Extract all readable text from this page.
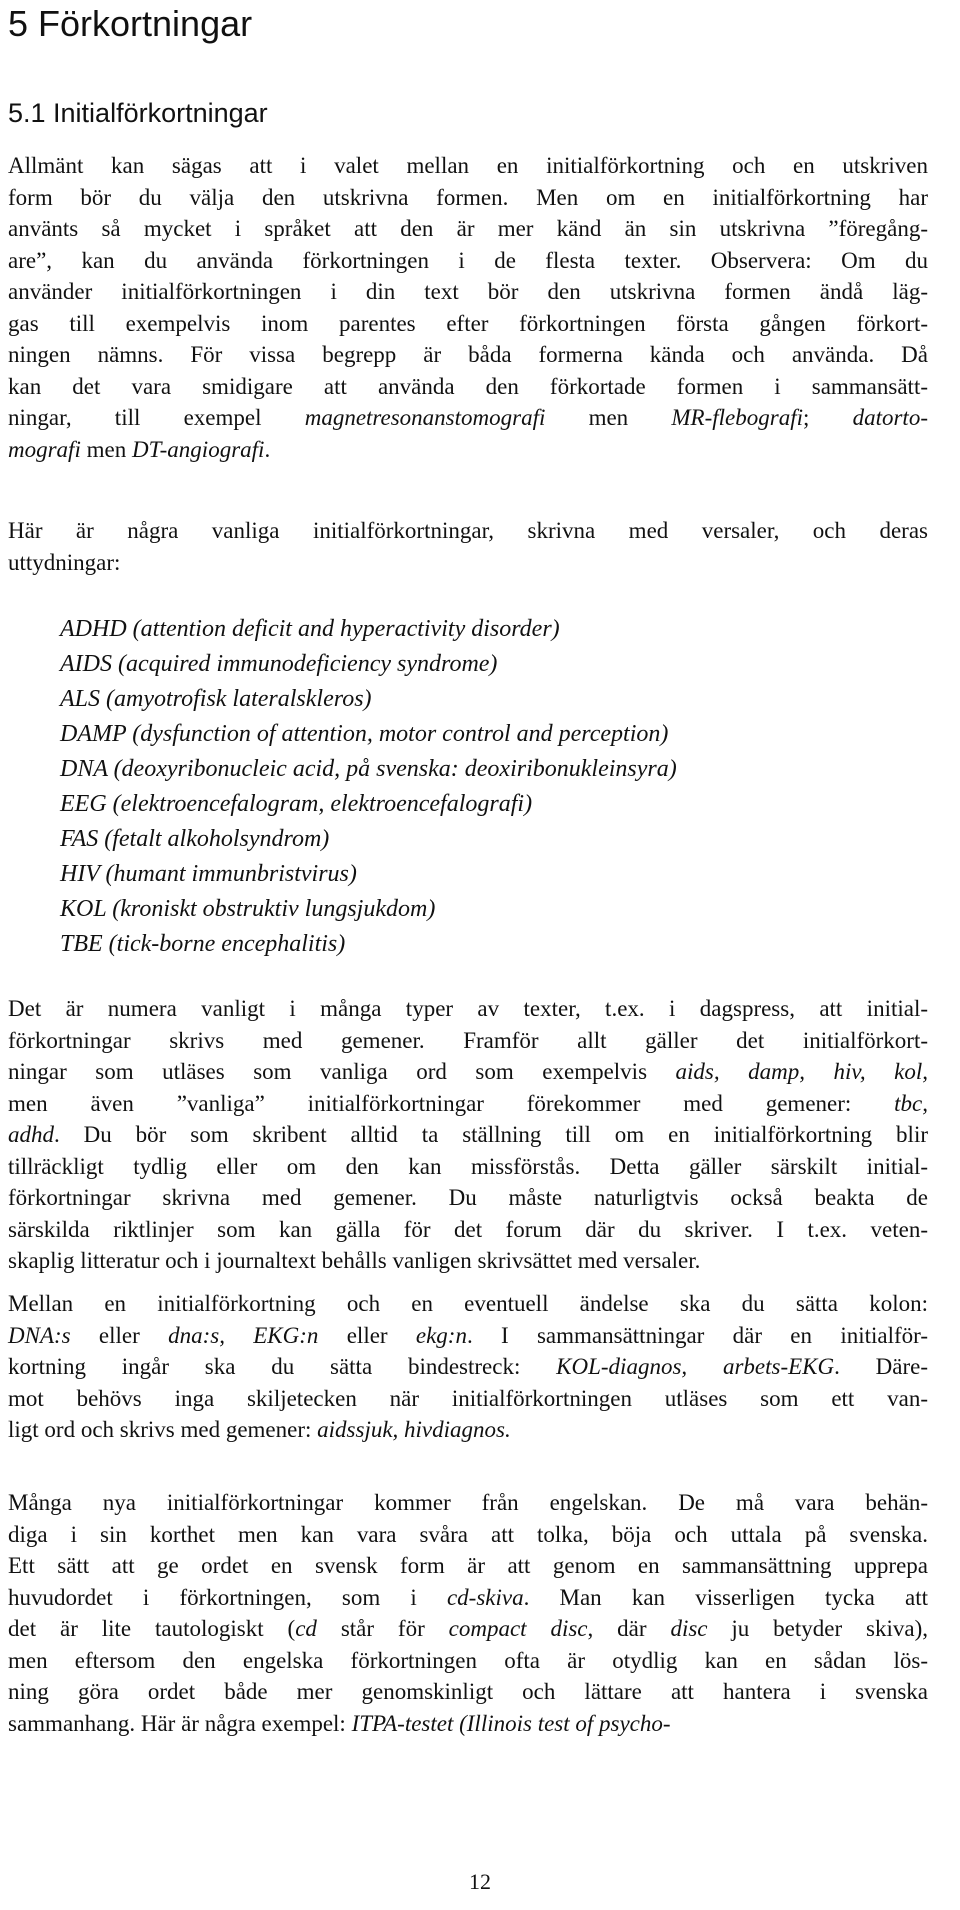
5 Förkortningar
5.1 Initialförkortningar

Allmänt kan sägas att i valet mellan en initialförkortning och en utskriven
form bör du välja den utskrivna formen. Men om en initialförkortning har
använts så mycket i språket att den är mer känd än sin utskrivna ”föregång-
are”, kan du använda förkortningen i de flesta texter. Observera: Om du
använder initialförkortningen i din text bör den utskrivna formen ändå läg-
gas till exempelvis inom parentes efter förkortningen första gången förkort-
ningen nämns. För vissa begrepp är båda formerna kända och använda. Då
kan det vara smidigare att använda den förkortade formen i sammansätt-
ningar, till exempel magnetresonanstomografi men MR-flebografi; datorto-
mografi men DT-angiografi.

Här är några vanliga initialförkortningar, skrivna med versaler, och deras
uttydningar:

ADHD (attention deficit and hyperactivity disorder)
AIDS (acquired immunodeficiency syndrome)
ALS (amyotrofisk lateralskleros)
DAMP (dysfunction of attention, motor control and perception)
DNA (deoxyribonucleic acid, på svenska: deoxiribonukleinsyra)
EEG (elektroencefalogram, elektroencefalografi)
FAS (fetalt alkoholsyndrom)
HIV (humant immunbristvirus)
KOL (kroniskt obstruktiv lungsjukdom)
TBE (tick-borne encephalitis)

Det är numera vanligt i många typer av texter, t.ex. i dagspress, att initial-
förkortningar skrivs med gemener. Framför allt gäller det initialförkort-
ningar som utläses som vanliga ord som exempelvis aids, damp, hiv, kol,
men även ”vanliga” initialförkortningar förekommer med gemener: tbc,
adhd. Du bör som skribent alltid ta ställning till om en initialförkortning blir
tillräckligt tydlig eller om den kan missförstås. Detta gäller särskilt initial-
förkortningar skrivna med gemener. Du måste naturligtvis också beakta de
särskilda riktlinjer som kan gälla för det forum där du skriver. I t.ex. veten-
skaplig litteratur och i journaltext behålls vanligen skrivsättet med versaler.

Mellan en initialförkortning och en eventuell ändelse ska du sätta kolon:
DNA:s eller dna:s, EKG:n eller ekg:n. I sammansättningar där en initialför-
kortning ingår ska du sätta bindestreck: KOL-diagnos, arbets-EKG. Däre-
mot behövs inga skiljetecken när initialförkortningen utläses som ett van-
ligt ord och skrivs med gemener: aidssjuk, hivdiagnos.

Många nya initialförkortningar kommer från engelskan. De må vara behän-
diga i sin korthet men kan vara svåra att tolka, böja och uttala på svenska.
Ett sätt att ge ordet en svensk form är att genom en sammansättning upprepa
huvudordet i förkortningen, som i cd-skiva. Man kan visserligen tycka att
det är lite tautologiskt (cd står för compact disc, där disc ju betyder skiva),
men eftersom den engelska förkortningen ofta är otydlig kan en sådan lös-
ning göra ordet både mer genomskinligt och lättare att hantera i svenska
sammanhang. Här är några exempel: ITPA-testet (Illinois test of psycho-

12
